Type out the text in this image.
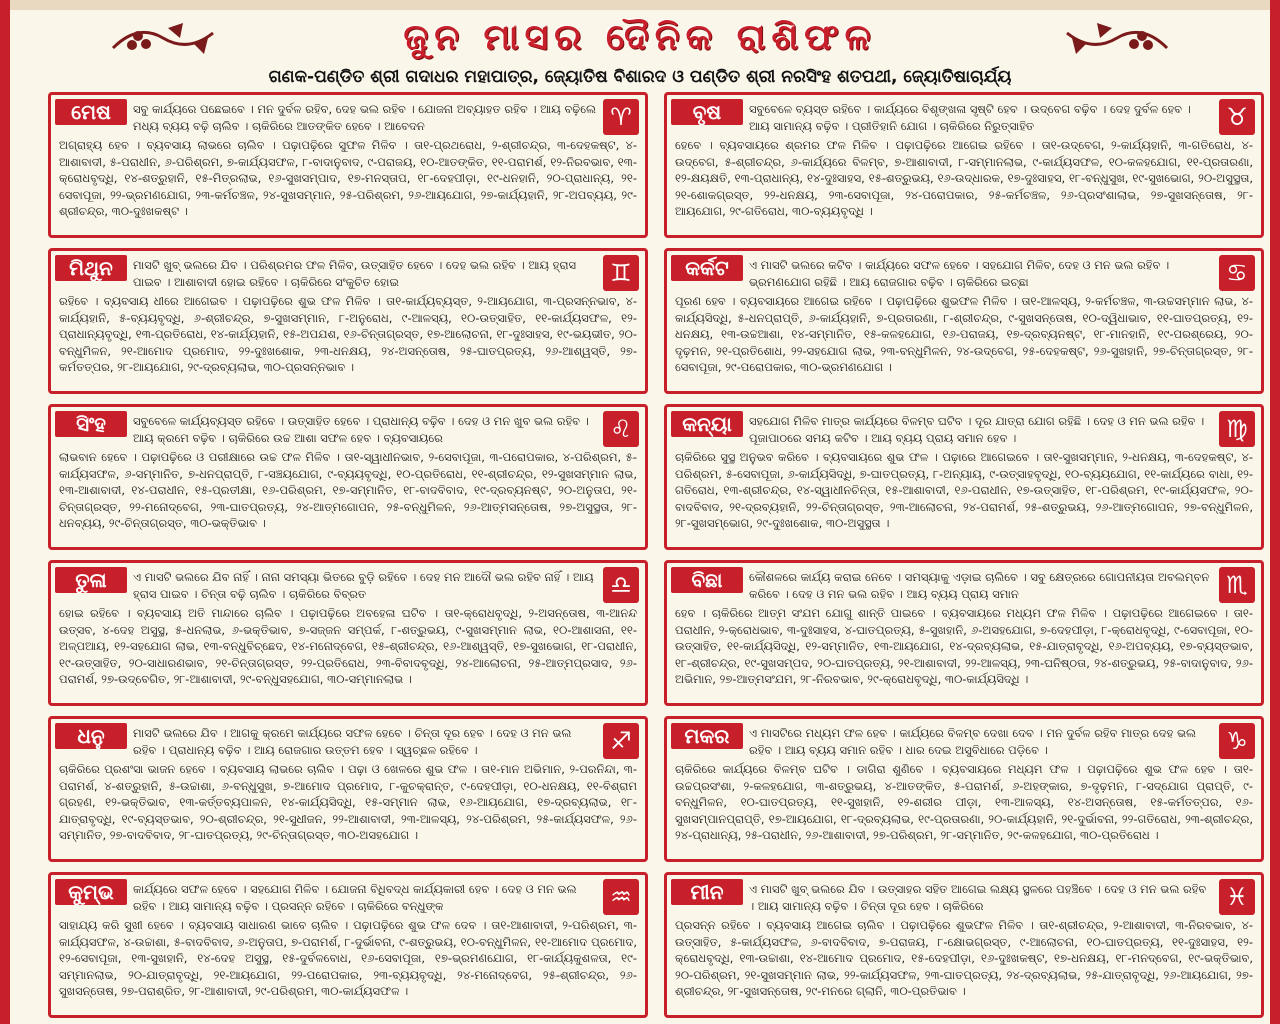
ଜୁନ ମାସର ଦୈନିକ ରାଶିଫଳ
ଗଣକ-ପଣ୍ଡିତ ଶ୍ରୀ ଗଦାଧର ମହାପାତ୍ର, ଜ୍ୟୋତିଷ ବିଶାରଦ ଓ ପଣ୍ଡିତ ଶ୍ରୀ ନରସିଂହ ଶତପଥୀ, ଜ୍ୟୋତିଷାଚାର୍ଯ୍ୟ
ମେଷ	♈
ସବୁ କାର୍ଯ୍ୟରେ ପଛେଇବେ । ମନ ଦୁର୍ବଳ ରହିବ, ଦେହ ଭଲ ରହିବ । ଯୋଜନା ଅବ୍ୟାହତ ରହିବ । ଆୟ ବଢ଼ିଲେ ମଧ୍ୟ ବ୍ୟୟ ବଢ଼ି ଚାଲିବ । ଚାକିରିରେ ଆତଙ୍କିତ ହେବେ । ଆବେଦନ
ଅଗ୍ରାହ୍ୟ ହେବ । ବ୍ୟବସାୟ ଲାଭରେ ଚାଲିବ । ପଢ଼ାପଢ଼ିରେ ସୁଫଳ ମିଳିବ । ତା୧-ପ୍ରଥରୋଧ, ୨-ଶ୍ରୀଚନ୍ଦ୍ର, ୩-ଦେହକଷ୍ଟ, ୪-ଆଶାବାଦୀ, ୫-ପରାଧୀନ, ୬-ପରିଶ୍ରମ, ୭-କାର୍ଯ୍ୟସଫଳ, ୮-ବାଦାନୁବାଦ, ୯-ପରାଜୟ, ୧୦-ଆତଙ୍କିତ, ୧୧-ପରାମର୍ଶ, ୧୨-ନିରବଭାବ, ୧୩-କ୍ରୋଧବୃଦ୍ଧି, ୧୪-ଶତ୍ରୁହାନି, ୧୫-ମିତ୍ରଲାଭ, ୧୬-ସୁଖସମ୍ପାଦ, ୧୭-ମନସ୍ତାପ, ୧୮-ଦେହପୀଡ଼ା, ୧୯-ଧନହାନି, ୨୦-ପ୍ରାଧାନ୍ୟ, ୨୧-ସେବାପୂଜା, ୨୨-ଭ୍ରମଣଯୋଗ, ୨୩-କର୍ମଚଞ୍ଚଳ, ୨୪-ସୁଖସମ୍ମାନ, ୨୫-ପରିଶ୍ରମ, ୨୬-ଆୟଯୋଗ, ୨୭-କାର୍ଯ୍ୟହାନି, ୨୮-ଅପବ୍ୟୟ, ୨୯-ଶ୍ରୀଚନ୍ଦ୍ର, ୩୦-ଦୁଃଖକଷ୍ଟ ।
ମିଥୁନ	♊
ମାସଟି ଖୁବ୍ ଭଲରେ ଯିବ । ପରିଶ୍ରମର ଫଳ ମିଳିବ, ଉତ୍ସାହିତ ହେବେ । ଦେହ ଭଲ ରହିବ । ଆୟ ହ୍ରାସ ପାଇବ । ଆଶାବାଦୀ ହୋଇ ରହିବେ । ଚାକିରିରେ ସଂକୁଚିତ ହୋଇ
ରହିବେ । ବ୍ୟବସାୟ ଧୀରେ ଆଗେଇବ । ପଢ଼ାପଢ଼ିରେ ଶୁଭ ଫଳ ମିଳିବ । ତା୧-କାର୍ଯ୍ୟବ୍ୟସ୍ତ, ୨-ଆୟଯୋଗ, ୩-ପ୍ରସନ୍ନଭାବ, ୪-କାର୍ଯ୍ୟହାନି, ୫-ବ୍ୟୟବୃଦ୍ଧି, ୬-ଶ୍ରୀଚନ୍ଦ୍ର, ୭-ସୁଖସମ୍ମାନ, ୮-ଅନୁରୋଧ, ୯-ଆଳସ୍ୟ, ୧୦-ଉତ୍ସାହିତ, ୧୧-କାର୍ଯ୍ୟସଫଳ, ୧୨-ପ୍ରାଧାନ୍ୟବୃଦ୍ଧି, ୧୩-ପ୍ରତିରୋଧ, ୧୪-କାର୍ଯ୍ୟହାନି, ୧୫-ଅପଯଶ, ୧୬-ଚିନ୍ତାଗ୍ରସ୍ତ, ୧୭-ଆଲୋଚନା, ୧୮-ଦୁଃସାହସ, ୧୯-ଭୟଭୀତ, ୨୦-ବନ୍ଧୁମିଳନ, ୨୧-ଆମୋଦ ପ୍ରମୋଦ, ୨୨-ଦୁଃଖଶୋକ, ୨୩-ଧନକ୍ଷୟ, ୨୪-ଅସନ୍ତୋଷ, ୨୫-ଘାତପ୍ରତ୍ୟ, ୨୬-ଆଶ୍ୱସ୍ତି, ୨୭-କର୍ମତତ୍ପର, ୨୮-ଆୟଯୋଗ, ୨୯-ଦ୍ରବ୍ୟଲାଭ, ୩୦-ପ୍ରସନ୍ନଭାବ ।
ସିଂହ	♌
ସବୁବେଳେ କାର୍ଯ୍ୟବ୍ୟସ୍ତ ରହିବେ । ଉତ୍ସାହିତ ହେବେ । ପ୍ରାଧାନ୍ୟ ବଢ଼ିବ । ଦେହ ଓ ମନ ଖୁବ ଭଲ ରହିବ । ଆୟ କ୍ରମେ ବଢ଼ିବ । ଚାକିରିରେ ଉଚ୍ଚ ଆଶା ସଫଳ ହେବ । ବ୍ୟବସାୟରେ
ଲାଭବାନ ହେବେ । ପଢ଼ାପଢ଼ିରେ ଓ ପରୀକ୍ଷାରେ ଉଚ୍ଚ ଫଳ ମିଳିବ । ତା୧-ସ୍ୱାଧୀନଭାବ, ୨-ସେବାପୂଜା, ୩-ପରୋପକାର, ୪-ପରିଶ୍ରମ, ୫-କାର୍ଯ୍ୟସଫଳ, ୬-ସମ୍ମାନିତ, ୭-ଧନପ୍ରାପ୍ତି, ୮-ସଞ୍ଚୟଯୋଗ, ୯-ବ୍ୟୟବୃଦ୍ଧି, ୧୦-ପ୍ରତିରୋଧ, ୧୧-ଶ୍ରୀଚନ୍ଦ୍ର, ୧୨-ସୁଖସମ୍ମାନ ଲାଭ, ୧୩-ଆଶାବାଦୀ, ୧୪-ପରାଧୀନ, ୧୫-ପ୍ରତୀକ୍ଷା, ୧୬-ପରିଶ୍ରମ, ୧୭-ସମ୍ମାନିତ, ୧୮-ବାଦବିବାଦ, ୧୯-ଦ୍ରବ୍ୟନଷ୍ଟ, ୨୦-ଅନୁତାପ, ୨୧-ଚିନ୍ତାଗ୍ରସ୍ତ, ୨୨-ମନୋଦ୍‌ବେଗ, ୨୩-ଘାତପ୍ରତ୍ୟ, ୨୪-ଆତ୍ମଗୋପନ, ୨୫-ବନ୍ଧୁମିଳନ, ୨୬-ଆତ୍ମସନ୍ତୋଷ, ୨୭-ଅସୁସ୍ଥତା, ୨୮-ଧନବ୍ୟୟ, ୨୯-ଚିନ୍ତାଗ୍ରସ୍ତ, ୩୦-ଭକ୍ତିଭାବ ।
ତୁଳା	♎
ଏ ମାସଟି ଭଲରେ ଯିବ ନାହିଁ । ନାନା ସମସ୍ୟା ଭିତରେ ବୁଡ଼ି ରହିବେ । ଦେହ ମନ ଆଦୌ ଭଲ ରହିବ ନାହିଁ । ଆୟ ହ୍ରାସ ପାଇବ । ଚିନ୍ତା ବଢ଼ି ଚାଲିବ । ଚାକିରିରେ ବିବ୍ରତ
ହୋଇ ରହିବେ । ବ୍ୟବସାୟ ଅତି ମାନ୍ଦାରେ ଚାଲିବ । ପଢ଼ାପଢ଼ିରେ ଅବହେଳା ଘଟିବ । ତା୧-କ୍ରୋଧବୃଦ୍ଧି, ୨-ଅସନ୍ତୋଷ, ୩-ଆନନ୍ଦ ଉତ୍ସବ, ୪-ଦେହ ଅସୁସ୍ଥ, ୫-ଧନଲାଭ, ୬-ଭକ୍ତିଭାବ, ୭-ସଜ୍ଜନ ସମ୍ପର୍କ, ୮-ଶତ୍ରୁଭୟ, ୯-ସୁଖସମ୍ମାନ ଲାଭ, ୧୦-ଆଶାସନା, ୧୧-ଅଳ୍ପଆୟ, ୧୨-ସହଯୋଗ ଲାଭ, ୧୩-ବନ୍ଧୁବିଚ୍ଛେଦ, ୧୪-ମନୋଦ୍‌ବେଗ, ୧୫-ଶ୍ରୀଚନ୍ଦ୍ର, ୧୬-ଆଶ୍ୱସ୍ତି, ୧୭-ସୁଖଭୋଗ, ୧୮-ପରାଧୀନ, ୧୯-ଉତ୍ସାହିତ, ୨୦-ସାଧାରଣଭାବ, ୨୧-ଚିନ୍ତାଗ୍ରସ୍ତ, ୨୨-ପ୍ରତିରୋଧ, ୨୩-ବିବାଦବୃଦ୍ଧି, ୨୪-ଆଲୋଚନା, ୨୫-ଆତ୍ମପ୍ରସାଦ, ୨୬-ପରାମର୍ଶ, ୨୭-ଉଦ୍ବେଗିତ, ୨୮-ଆଶାବାଦୀ, ୨୯-ବନ୍ଧୁସହଯୋଗ, ୩୦-ସମ୍ମାନଲାଭ ।
ଧନୁ	♐
ମାସଟି ଭଲରେ ଯିବ । ଆଗକୁ କ୍ରମେ କାର୍ଯ୍ୟରେ ସଫଳ ହେବେ । ଚିନ୍ତା ଦୂର ହେବ । ଦେହ ଓ ମନ ଭଲ ରହିବ । ପ୍ରାଧାନ୍ୟ ବଢ଼ିବ । ଆୟ ରୋଜଗାର ଉତ୍ତମ ହେବ । ସ୍ୱଚ୍ଛଳ ରହିବେ ।
ଚାକିରିରେ ପ୍ରଶଂସା ଭାଜନ ହେବେ । ବ୍ୟବସାୟ ଲାଭରେ ଚାଲିବ । ପଢ଼ା ଓ ଖେଳରେ ଶୁଭ ଫଳ । ତା୧-ମାନ ଅଭିମାନ, ୨-ପରନିନ୍ଦା, ୩-ପରାମର୍ଶ, ୪-ଶତ୍ରୁହାନି, ୫-ଉଚ୍ଚାଶା, ୬-ବନ୍ଧୁସୁଖ, ୭-ଆମୋଦ ପ୍ରମୋଦ, ୮-କୁଚକ୍ରାନ୍ତ, ୯-ଦେହପୀଡ଼ା, ୧୦-ଧନକ୍ଷୟ, ୧୧-ବିଶ୍ରାମ ଗ୍ରହଣ, ୧୨-ଭକ୍ତିଭାବ, ୧୩-କର୍ତ୍ତବ୍ୟପାଳନ, ୧୪-କାର୍ଯ୍ୟସିଦ୍ଧି, ୧୫-ସମ୍ମାନ ଲାଭ, ୧୬-ଆୟଯୋଗ, ୧୭-ଦ୍ରବ୍ୟଲାଭ, ୧୮-ଯାତ୍ରାବୃଦ୍ଧି, ୧୯-ବ୍ୟସ୍ତଭାବ, ୨୦-ଶ୍ରୀଚନ୍ଦ୍ର, ୨୧-ସୁଧୀଜନ, ୨୨-ଆଶାବାଦୀ, ୨୩-ଆଳସ୍ୟ, ୨୪-ପରିଶ୍ରମ, ୨୫-କାର୍ଯ୍ୟସଫଳ, ୨୬-ସମ୍ମାନିତ, ୨୭-ବାଦବିବାଦ, ୨୮-ଘାତପ୍ରତ୍ୟ, ୨୯-ଚିନ୍ତାଗ୍ରସ୍ତ, ୩୦-ଅସହଯୋଗ ।
କୁମ୍ଭ	♒
କାର୍ଯ୍ୟରେ ସଫଳ ହେବେ । ସହଯୋଗ ମିଳିବ । ଯୋଜନା ବିଧିବଦ୍ଧ କାର୍ଯ୍ୟକାରୀ ହେବ । ଦେହ ଓ ମନ ଭଲ ରହିବ । ଆୟ ସାମାନ୍ୟ ବଢ଼ିବ । ପ୍ରସନ୍ନ ରହିବେ । ଚାକିରିରେ ବନ୍ଧୁଙ୍କ
ସାହାଯ୍ୟ କରି ସୁଖୀ ହେବେ । ବ୍ୟବସାୟ ସାଧାରଣ ଭାବେ ଚାଲିବ । ପଢ଼ାପଢ଼ିରେ ଶୁଭ ଫଳ ଦେବ । ତା୧-ଆଶାବାଦୀ, ୨-ପରିଶ୍ରମ, ୩-କାର୍ଯ୍ୟସଫଳ, ୪-ଉଚ୍ଚାଶା, ୫-ବାଦବିବାଦ, ୬-ଅନୁତାପ, ୭-ପରାମର୍ଶ, ୮-ଦୁର୍ଭାବନା, ୯-ଶତ୍ରୁଭୟ, ୧୦-ବନ୍ଧୁମିଳନ, ୧୧-ଆମୋଦ ପ୍ରମୋଦ, ୧୨-ସେବାପୂଜା, ୧୩-ସୁଖହାନି, ୧୪-ଦେହ ଅସୁସ୍ଥ, ୧୫-ଦୁର୍ବଳବୋଧ, ୧୬-ସେବାପୂଜା, ୧୭-ଭ୍ରମଣଯୋଗ, ୧୮-କାର୍ଯ୍ୟକୁଶଳତା, ୧୯-ସମ୍ମାନଲାଭ, ୨୦-ଯାତ୍ରାବୃଦ୍ଧି, ୨୧-ଆୟଯୋଗ, ୨୨-ପରୋପକାର, ୨୩-ବ୍ୟୟବୃଦ୍ଧି, ୨୪-ମନୋଦ୍‌ବେଗ, ୨୫-ଶ୍ରୀଚନ୍ଦ୍ର, ୨୬-ସୁଖସନ୍ତୋଷ, ୨୭-ପରାଶ୍ରିତ, ୨୮-ଆଶାବାଦୀ, ୨୯-ପରିଶ୍ରମ, ୩୦-କାର୍ଯ୍ୟସଫଳ ।
ବୃଷ	♉
ସବୁବେଳେ ବ୍ୟସ୍ତ ରହିବେ । କାର୍ଯ୍ୟରେ ବିଶୃଙ୍ଖଳା ସୃଷ୍ଟି ହେବ । ଉଦ୍‌ବେଗ ବଢ଼ିବ । ଦେହ ଦୁର୍ବଳ ହେବ । ଆୟ ସାମାନ୍ୟ ବଢ଼ିବ । ପ୍ରୀତିହାନି ଯୋଗ । ଚାକିରିରେ ନିରୁତ୍ସାହିତ
ହେବେ । ବ୍ୟବସାୟରେ ଶ୍ରମର ଫଳ ମିଳିବ । ପଢ଼ାପଢ଼ିରେ ଆଗେଇ ରହିବେ । ତା୧-ଉଦ୍‌ବେଗ, ୨-କାର୍ଯ୍ୟହାନି, ୩-ଗତିରୋଧ, ୪-ଉଦ୍‌ବେଗ, ୫-ଶ୍ରୀଚନ୍ଦ୍ର, ୬-କାର୍ଯ୍ୟରେ ବିଳମ୍ବ, ୭-ଆଶାବାଦୀ, ୮-ସମ୍ମାନଲାଭ, ୯-କାର୍ଯ୍ୟସଫଳ, ୧୦-କଳହଯୋଗ, ୧୧-ପ୍ରତାରଣା, ୧୨-କ୍ଷୟକ୍ଷତି, ୧୩-ପ୍ରାଧାନ୍ୟ, ୧୪-ଦୁଃସାହସ, ୧୫-ଶତ୍ରୁଭୟ, ୧୬-ଉଦ୍ଧାରକ, ୧୭-ଦୁଃସାହସ, ୧୮-ବନ୍ଧୁସୁଖ, ୧୯-ସୁଖଭୋଗ, ୨୦-ଅସୁସ୍ଥତା, ୨୧-ଶୋକଗ୍ରସ୍ତ, ୨୨-ଧନକ୍ଷୟ, ୨୩-ସେବାପୂଜା, ୨୪-ପରୋପକାର, ୨୫-କର୍ମଚଞ୍ଚଳ, ୨୬-ପ୍ରସଂଶାଲାଭ, ୨୭-ସୁଖସନ୍ତୋଷ, ୨୮-ଆୟଯୋଗ, ୨୯-ଗତିରୋଧ, ୩୦-ବ୍ୟୟବୃଦ୍ଧି ।
କର୍କଟ	♋
ଏ ମାସଟି ଭଲରେ କଟିବ । କାର୍ଯ୍ୟରେ ସଫଳ ହେବେ । ସହଯୋଗ ମିଳିବ, ଦେହ ଓ ମନ ଭଲ ରହିବ । ଭ୍ରମଣଯୋଗ ରହିଛି । ଆୟ ରୋଜଗାର ବଢ଼ିବ । ଚାକିରିରେ ଇଚ୍ଛା
ପୂରଣ ହେବ । ବ୍ୟବସାୟରେ ଆଗେଇ ରହିବେ । ପଢ଼ାପଢ଼ିରେ ଶୁଭଫଳ ମିଳିବ । ତା୧-ଆଳସ୍ୟ, ୨-କର୍ମଚଞ୍ଚଳ, ୩-ଉଚ୍ଚସମ୍ମାନ ଲାଭ, ୪-କାର୍ଯ୍ୟସିଦ୍ଧି, ୫-ଧନପ୍ରାପ୍ତି, ୬-କାର୍ଯ୍ୟହାନି, ୭-ପ୍ରତାରଣା, ୮-ଶ୍ରୀଚନ୍ଦ୍ର, ୯-ସୁଖସନ୍ତୋଷ, ୧୦-ଦ୍ୱିଧାଭାବ, ୧୧-ଘାତପ୍ରତ୍ୟ, ୧୨-ଧନକ୍ଷୟ, ୧୩-ଉଚ୍ଚଆଶା, ୧୪-ସମ୍ମାନିତ, ୧୫-କଳହଯୋଗ, ୧୬-ପରାଜୟ, ୧୭-ଦ୍ରବ୍ୟନଷ୍ଟ, ୧୮-ମାନହାନି, ୧୯-ପରଶ୍ରେୟ, ୨୦-ଦୃଢ଼ମନ, ୨୧-ପ୍ରତିଶୋଧ, ୨୨-ସହଯୋଗ ଲାଭ, ୨୩-ବନ୍ଧୁମିଳନ, ୨୪-ଉଦ୍‌ବେଗ, ୨୫-ଦେହକଷ୍ଟ, ୨୬-ସୁଖହାନି, ୨୭-ଚିନ୍ତାଗ୍ରସ୍ତ, ୨୮-ସେବାପୂଜା, ୨୯-ପରୋପକାର, ୩୦-ଭ୍ରମଣଯୋଗ ।
କନ୍ୟା	♍
ସହଯୋଗ ମିଳିବ ମାତ୍ର କାର୍ଯ୍ୟରେ ବିଳମ୍ବ ଘଟିବ । ଦୂର ଯାତ୍ରା ଯୋଗ ରହିଛି । ଦେହ ଓ ମନ ଭଲ ରହିବ । ପୂଜାପାଠରେ ସମୟ କଟିବ । ଆୟ ବ୍ୟୟ ପ୍ରାୟ ସମାନ ହେବ ।
ଚାକିରିରେ ସୁସ୍ଥ ଅନୁଭବ କରିବେ । ବ୍ୟବସାୟରେ ଶୁଭ ଫଳ । ପଢ଼ାରେ ଆଗେଇବେ । ତା୧-ସୁଖସମ୍ମାନ, ୨-ଧନକ୍ଷୟ, ୩-ଦେହକଷ୍ଟ, ୪-ପରିଶ୍ରମ, ୫-ସେବାପୂଜା, ୬-କାର୍ଯ୍ୟସିଦ୍ଧି, ୭-ଘାତପ୍ରତ୍ୟ, ୮-ଅନ୍ୟାୟ, ୯-ଉତ୍ସାହବୃଦ୍ଧି, ୧୦-ବ୍ୟୟଯୋଗ, ୧୧-କାର୍ଯ୍ୟରେ ବାଧା, ୧୨-ଗତିରୋଧ, ୧୩-ଶ୍ରୀଚନ୍ଦ୍ର, ୧୪-ସ୍ୱାଧୀନଚିନ୍ତା, ୧୫-ଆଶାବାଦୀ, ୧୬-ପରାଧୀନ, ୧୭-ଉତ୍ସାହିତ, ୧୮-ପରିଶ୍ରମ, ୧୯-କାର୍ଯ୍ୟସଫଳ, ୨୦-ବାଦବିବାଦ, ୨୧-ଦ୍ରବ୍ୟହାନି, ୨୨-ଚିନ୍ତାଗ୍ରସ୍ତ, ୨୩-ଆଲୋଚନା, ୨୪-ପରାମର୍ଶ, ୨୫-ଶତ୍ରୁଭୟ, ୨୬-ଆତ୍ମଗୋପନ, ୨୭-ବନ୍ଧୁମିଳନ, ୨୮-ସୁଖସମ୍ଭୋଗ, ୨୯-ଦୁଃଖଶୋକ, ୩୦-ଅସୁସ୍ଥତା ।
ବିଛା	♏
କୌଶଳରେ କାର୍ଯ୍ୟ କରାଇ ନେବେ । ସମସ୍ୟାକୁ ଏଡ଼ାଇ ଚାଲିବେ । ସବୁ କ୍ଷେତ୍ରରେ ଗୋପନୀୟତା ଅବଲମ୍ବନ କରିବେ । ଦେହ ଓ ମନ ଭଲ ରହିବ । ଆୟ ବ୍ୟୟ ପ୍ରାୟ ସମାନ
ହେବ । ଚାକିରିରେ ଆତ୍ମ ସଂଯମ ଯୋଗୁ ଶାନ୍ତି ପାଇବେ । ବ୍ୟବସାୟରେ ମଧ୍ୟମ ଫଳ ମିଳିବ । ପଢ଼ାପଢ଼ିରେ ଆଗେଇବେ । ତା୧-ପରାଧୀନ, ୨-କ୍ରୋଧଭାବ, ୩-ଦୁଃସାହସ, ୪-ଘାତପ୍ରତ୍ୟ, ୫-ସୁଖହାନି, ୬-ଅସହଯୋଗ, ୭-ଦେହପୀଡ଼ା, ୮-କ୍ରୋଧବୃଦ୍ଧି, ୯-ସେବାପୂଜା, ୧୦-ଉତ୍ସାହିତ, ୧୧-କାର୍ଯ୍ୟସିଦ୍ଧି, ୧୨-ସମ୍ମାନିତ, ୧୩-ଆୟଯୋଗ, ୧୪-ଦ୍ରବ୍ୟଲାଭ, ୧୫-ଯାତ୍ରାବୃଦ୍ଧି, ୧୬-ଅପବ୍ୟୟ, ୧୭-ବ୍ୟସ୍ତଭାବ, ୧୮-ଶ୍ରୀଚନ୍ଦ୍ର, ୧୯-ସୁଖସମ୍ପଦ, ୨୦-ଘାତପ୍ରତ୍ୟ, ୨୧-ଆଶାବାଦୀ, ୨୨-ଆଳସ୍ୟ, ୨୩-ଘନିଷ୍ଠତା, ୨୪-ଶତ୍ରୁଭୟ, ୨୫-ବାଦାନୁବାଦ, ୨୬-ଅଭିମାନ, ୨୭-ଆତ୍ମସଂଯମ, ୨୮-ନିରବଭାବ, ୨୯-କ୍ରୋଧବୃଦ୍ଧି, ୩୦-କାର୍ଯ୍ୟସିଦ୍ଧି ।
ମକର	♑
ଏ ମାସଟିରେ ମଧ୍ୟମ ଫଳ ହେବ । କାର୍ଯ୍ୟରେ ବିଳମ୍ବ ଦେଖା ଦେବ । ମନ ଦୁର୍ବଳ ରହିବ ମାତ୍ର ଦେହ ଭଲ ରହିବ । ଆୟ ବ୍ୟୟ ସମାନ ରହିବ । ଧାର ଦେଇ ଅସୁବିଧାରେ ପଡ଼ିବେ ।
ଚାକିରିରେ କାର୍ଯ୍ୟରେ ବିଳମ୍ବ ଘଟିବ । ଡାଗିରା ଶୁଣିବେ । ବ୍ୟବସାୟରେ ମଧ୍ୟମ ଫଳ । ପଢ଼ାପଢ଼ିରେ ଶୁଭ ଫଳ ହେବ । ତା୧-ଉଚ୍ଚପ୍ରସଂଶା, ୨-କଳହଯୋଗ, ୩-ଶତ୍ରୁଭୟ, ୪-ଆତଙ୍କିତ, ୫-ପରାମର୍ଶ, ୬-ଅହଙ୍କାର, ୭-ଦୃଢ଼ମନ, ୮-ସଦ୍‌ଯୋଗ ପ୍ରାପ୍ତି, ୯-ବନ୍ଧୁମିଳନ, ୧୦-ଘାତପ୍ରତ୍ୟ, ୧୧-ସୁଖହାନି, ୧୨-ଶରୀର ପୀଡ଼ା, ୧୩-ଆଳସ୍ୟ, ୧୪-ଅସନ୍ତୋଷ, ୧୫-କର୍ମତତ୍ପର, ୧୬-ସୁଖସମ୍ପାନପ୍ରାପ୍ତି, ୧୭-ଆୟଯୋଗ, ୧୮-ଦ୍ରବ୍ୟଲାଭ, ୧୯-ପ୍ରତାରଣା, ୨୦-କାର୍ଯ୍ୟହାନି, ୨୧-ଦୁର୍ଭାବନା, ୨୨-ଗତିରୋଧ, ୨୩-ଶ୍ରୀଚନ୍ଦ୍ର, ୨୪-ପ୍ରାଧାନ୍ୟ, ୨୫-ପରାଧୀନ, ୨୬-ଆଶାବାଦୀ, ୨୭-ପରିଶ୍ରମ, ୨୮-ସମ୍ମାନିତ, ୨୯-କଳହଯୋଗ, ୩୦-ପ୍ରତିରୋଧ ।
ମୀନ	♓
ଏ ମାସଟି ଖୁବ୍ ଭଲରେ ଯିବ । ଉତ୍ସାହର ସହିତ ଆଗେଇ ଲକ୍ଷ୍ୟ ସ୍ଥଳରେ ପହଞ୍ଚିବେ । ଦେହ ଓ ମନ ଭଲ ରହିବ । ଆୟ ସାମାନ୍ୟ ବଢ଼ିବ । ଚିନ୍ତା ଦୂର ହେବ । ଚାକିରିରେ
ପ୍ରସନ୍ନ ରହିବେ । ବ୍ୟବସାୟ ଆଗେଇ ଚାଲିବ । ପଢ଼ାପଢ଼ିରେ ଶୁଭଫଳ ମିଳିବ । ତା୧-ଶ୍ରୀଚନ୍ଦ୍ର, ୨-ଆଶାବାଦୀ, ୩-ନିରବଭାବ, ୪-ଉତ୍ସାହିତ, ୫-କାର୍ଯ୍ୟସଫଳ, ୬-ବାଦବିବାଦ, ୭-ପରାଜୟ, ୮-କ୍ଷୋଭଗ୍ରସ୍ତ, ୯-ଆଲୋଚନା, ୧୦-ଘାତପ୍ରତ୍ୟ, ୧୧-ଦୁଃସାହସ, ୧୨-କ୍ରୋଧବୃଦ୍ଧି, ୧୩-ଉଚ୍ଚାଶା, ୧୪-ଆମୋଦ ପ୍ରମୋଦ, ୧୫-ଦେହପୀଡ଼ା, ୧୬-ଦୁଃଖକଷ୍ଟ, ୧୭-ଧନକ୍ଷୟ, ୧୮-ମନଦ୍‌ବେଗ, ୧୯-ଭକ୍ତିଭାବ, ୨୦-ପରିଶ୍ରମ, ୨୧-ସୁଖସମ୍ମାନ ଲାଭ, ୨୨-କାର୍ଯ୍ୟସଫଳ, ୨୩-ଘାତପ୍ରତ୍ୟ, ୨୪-ଦ୍ରବ୍ୟଲାଭ, ୨୫-ଯାତ୍ରାବୃଦ୍ଧି, ୨୬-ଆୟଯୋଗ, ୨୭-ଶ୍ରୀଚନ୍ଦ୍ର, ୨୮-ସୁଖସନ୍ତୋଷ, ୨୯-ମନରେ ଗ୍ଲାନି, ୩୦-ପ୍ରତିଭାବ ।
